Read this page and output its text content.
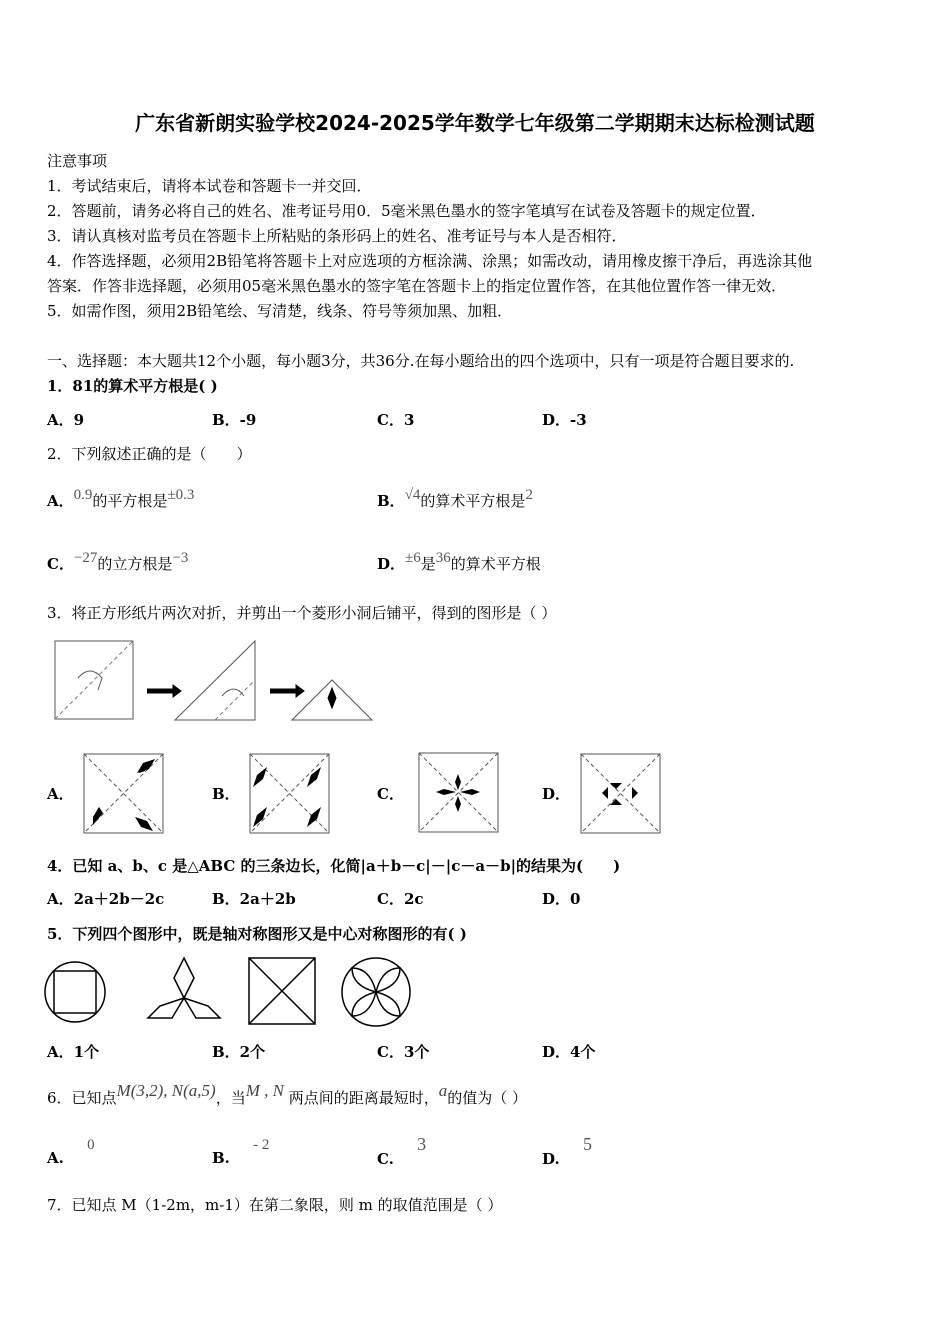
广东省新朗实验学校2024-2025学年数学七年级第二学期期末达标检测试题
注意事项
1．考试结束后，请将本试卷和答题卡一并交回．
2．答题前，请务必将自己的姓名、准考证号用0．5毫米黑色墨水的签字笔填写在试卷及答题卡的规定位置．
3．请认真核对监考员在答题卡上所粘贴的条形码上的姓名、准考证号与本人是否相符．
4．作答选择题，必须用2B铅笔将答题卡上对应选项的方框涂满、涂黑；如需改动，请用橡皮擦干净后，再选涂其他
答案．作答非选择题，必须用05毫米黑色墨水的签字笔在答题卡上的指定位置作答，在其他位置作答一律无效．
5．如需作图，须用2B铅笔绘、写清楚，线条、符号等须加黑、加粗．
一、选择题：本大题共12个小题，每小题3分，共36分.在每小题给出的四个选项中，只有一项是符合题目要求的.
1．81的算术平方根是( )
A．9	B．-9	C．3	D．-3
2．下列叙述正确的是（　　）
A．0.9的平方根是±0.3	B．√4的算术平方根是2
C．−27的立方根是−3	D．±6是36的算术平方根
3．将正方形纸片两次对折，并剪出一个菱形小洞后铺平，得到的图形是（ ）
A．	B．	C．	D．
4．已知 a、b、c 是△ABC 的三条边长，化简|a＋b－c|－|c－a－b|的结果为(　　)
A．2a＋2b－2c	B．2a＋2b	C．2c	D．0
5．下列四个图形中，既是轴对称图形又是中心对称图形的有( )
A．1个	B．2个	C．3个	D．4个
6．已知点M(3,2), N(a,5)，当M , N 两点间的距离最短时，a的值为（ ）
A. 0
B. - 2
C. 3
D. 5
7．已知点 M（1-2m，m-1）在第二象限，则 m 的取值范围是（ ）
